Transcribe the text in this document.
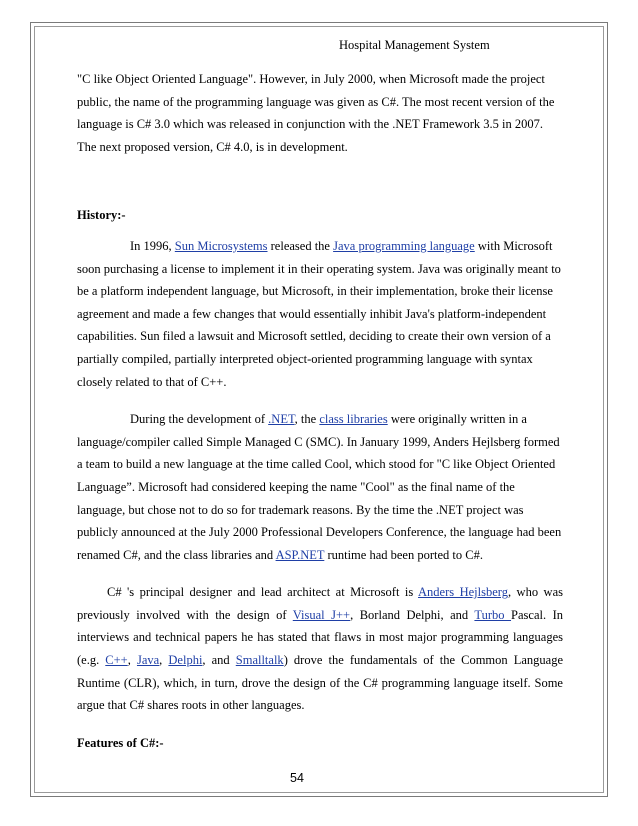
Hospital Management System

"C like Object Oriented Language". However, in July 2000, when Microsoft made the project public, the name of the programming language was given as C#. The most recent version of the language is C# 3.0 which was released in conjunction with the .NET Framework 3.5 in 2007. The next proposed version, C# 4.0, is in development.

History:-

In 1996, Sun Microsystems released the Java programming language with Microsoft soon purchasing a license to implement it in their operating system. Java was originally meant to be a platform independent language, but Microsoft, in their implementation, broke their license agreement and made a few changes that would essentially inhibit Java's platform-independent capabilities. Sun filed a lawsuit and Microsoft settled, deciding to create their own version of a partially compiled, partially interpreted object-oriented programming language with syntax closely related to that of C++.

During the development of .NET, the class libraries were originally written in a language/compiler called Simple Managed C (SMC). In January 1999, Anders Hejlsberg formed a team to build a new language at the time called Cool, which stood for "C like Object Oriented Language”. Microsoft had considered keeping the name "Cool" as the final name of the language, but chose not to do so for trademark reasons. By the time the .NET project was publicly announced at the July 2000 Professional Developers Conference, the language had been renamed C#, and the class libraries and ASP.NET runtime had been ported to C#.

C# 's principal designer and lead architect at Microsoft is Anders Hejlsberg, who was previously involved with the design of Visual J++, Borland Delphi, and Turbo Pascal. In interviews and technical papers he has stated that flaws in most major programming languages (e.g. C++, Java, Delphi, and Smalltalk) drove the fundamentals of the Common Language Runtime (CLR), which, in turn, drove the design of the C# programming language itself. Some argue that C# shares roots in other languages.

Features of C#:-

54
